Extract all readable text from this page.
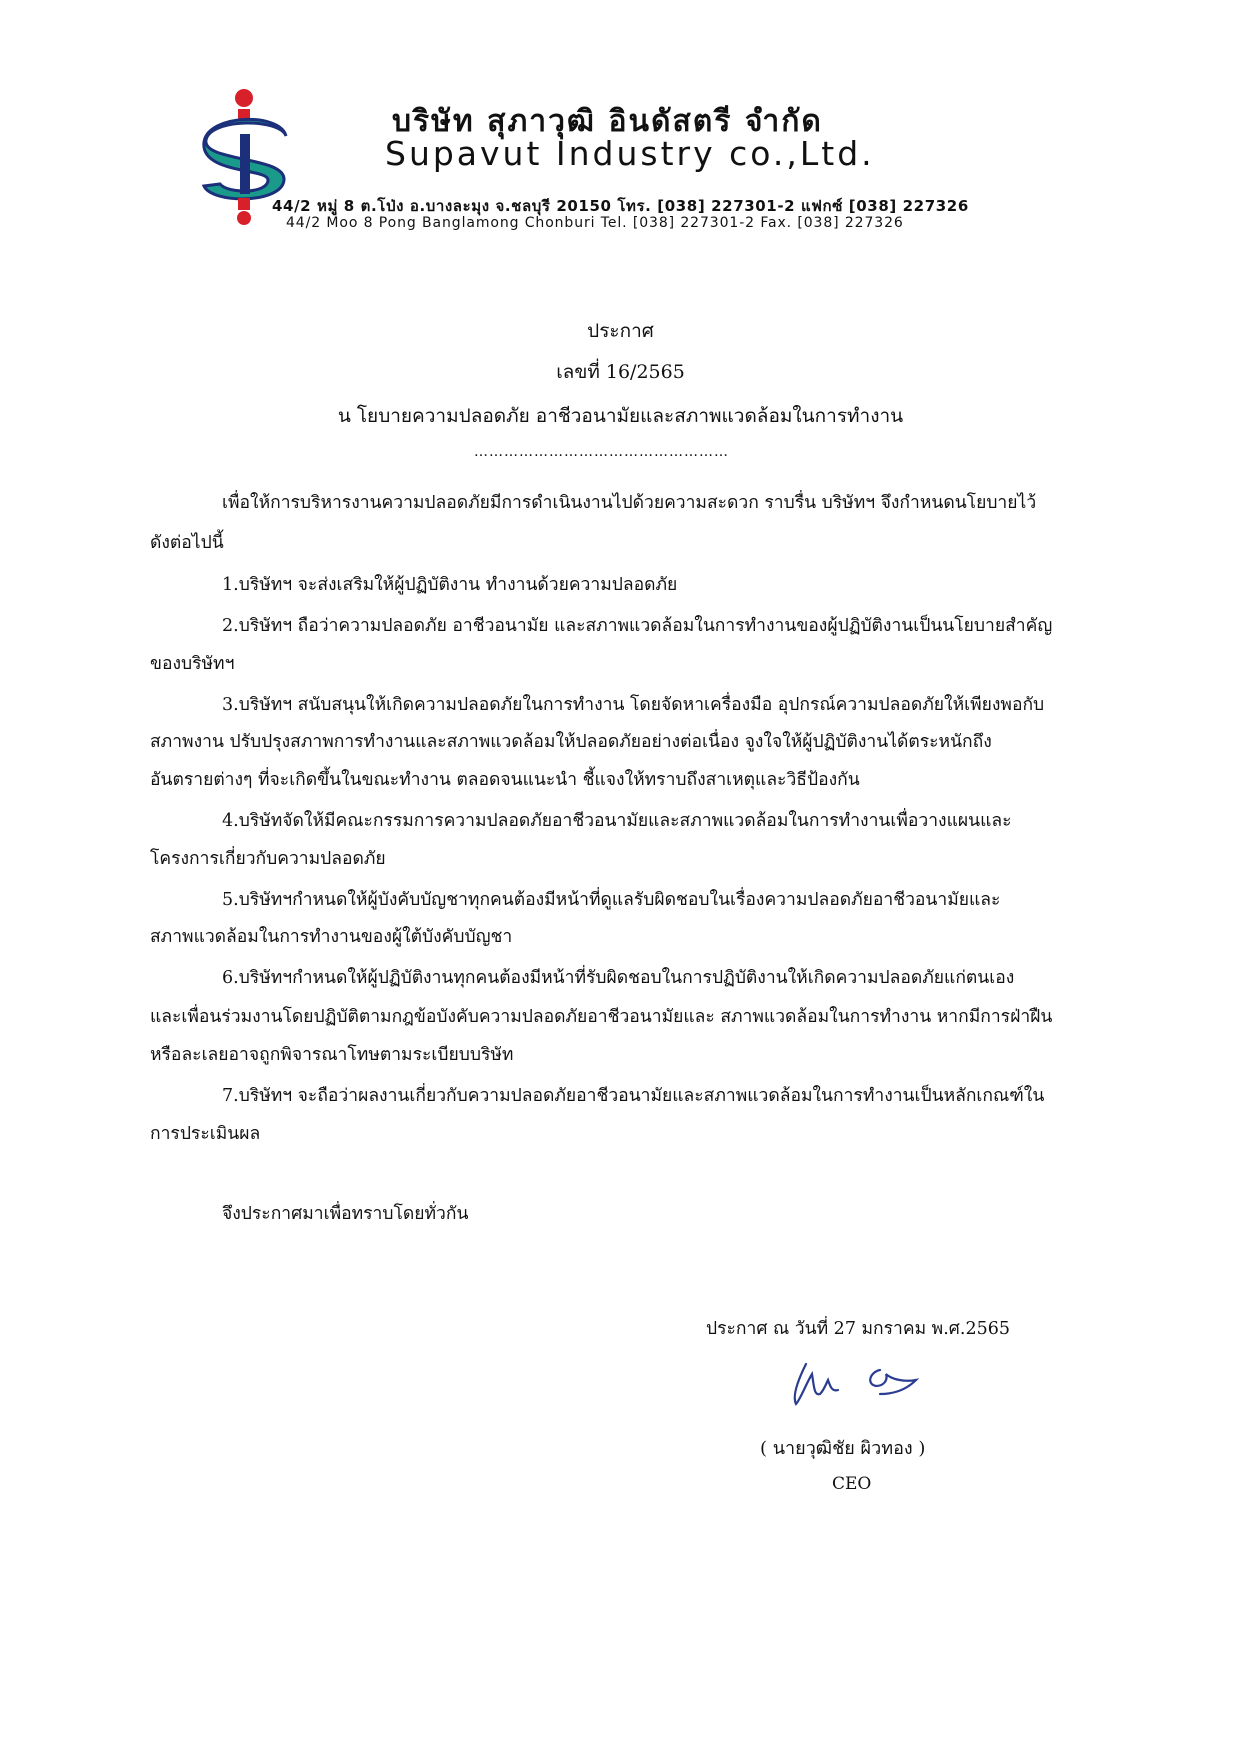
บริษัท สุภาวุฒิ อินดัสตรี จำกัด
Supavut Industry co.,Ltd.
44/2 หมู่ 8 ต.โป่ง อ.บางละมุง จ.ชลบุรี 20150 โทร. [038] 227301-2 แฟกซ์ [038] 227326
44/2 Moo 8 Pong Banglamong Chonburi Tel. [038] 227301-2 Fax. [038] 227326
ประกาศ
เลขที่ 16/2565
น โยบายความปลอดภัย อาชีวอนามัยและสภาพแวดล้อมในการทำงาน
……………………………………………
เพื่อให้การบริหารงานความปลอดภัยมีการดำเนินงานไปด้วยความสะดวก ราบรื่น บริษัทฯ จึงกำหนดนโยบายไว้
ดังต่อไปนี้
1.บริษัทฯ จะส่งเสริมให้ผู้ปฏิบัติงาน ทำงานด้วยความปลอดภัย
2.บริษัทฯ ถือว่าความปลอดภัย อาชีวอนามัย และสภาพแวดล้อมในการทำงานของผู้ปฏิบัติงานเป็นนโยบายสำคัญ
ของบริษัทฯ
3.บริษัทฯ สนับสนุนให้เกิดความปลอดภัยในการทำงาน โดยจัดหาเครื่องมือ อุปกรณ์ความปลอดภัยให้เพียงพอกับ
สภาพงาน ปรับปรุงสภาพการทำงานและสภาพแวดล้อมให้ปลอดภัยอย่างต่อเนื่อง จูงใจให้ผู้ปฏิบัติงานได้ตระหนักถึง
อันตรายต่างๆ ที่จะเกิดขึ้นในขณะทำงาน ตลอดจนแนะนำ ชี้แจงให้ทราบถึงสาเหตุและวิธีป้องกัน
4.บริษัทจัดให้มีคณะกรรมการความปลอดภัยอาชีวอนามัยและสภาพแวดล้อมในการทำงานเพื่อวางแผนและ
โครงการเกี่ยวกับความปลอดภัย
5.บริษัทฯกำหนดให้ผู้บังคับบัญชาทุกคนต้องมีหน้าที่ดูแลรับผิดชอบในเรื่องความปลอดภัยอาชีวอนามัยและ
สภาพแวดล้อมในการทำงานของผู้ใต้บังคับบัญชา
6.บริษัทฯกำหนดให้ผู้ปฏิบัติงานทุกคนต้องมีหน้าที่รับผิดชอบในการปฏิบัติงานให้เกิดความปลอดภัยแก่ตนเอง
และเพื่อนร่วมงานโดยปฏิบัติตามกฎข้อบังคับความปลอดภัยอาชีวอนามัยและ สภาพแวดล้อมในการทำงาน หากมีการฝ่าฝืน
หรือละเลยอาจถูกพิจารณาโทษตามระเบียบบริษัท
7.บริษัทฯ จะถือว่าผลงานเกี่ยวกับความปลอดภัยอาชีวอนามัยและสภาพแวดล้อมในการทำงานเป็นหลักเกณฑ์ใน
การประเมินผล
จึงประกาศมาเพื่อทราบโดยทั่วกัน
ประกาศ ณ วันที่ 27 มกราคม พ.ศ.2565
( นายวุฒิชัย ผิวทอง )
CEO
